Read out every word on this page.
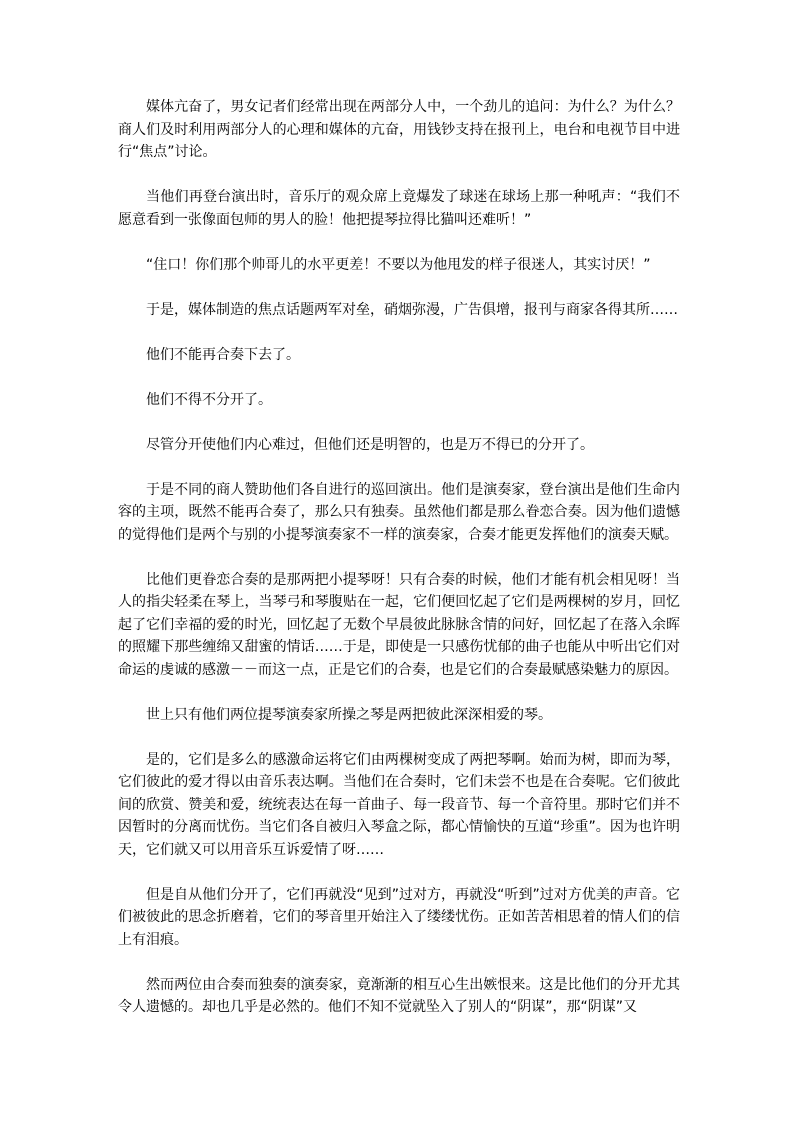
媒体亢奋了，男女记者们经常出现在两部分人中，一个劲儿的追问：为什么？为什么？商人们及时利用两部分人的心理和媒体的亢奋，用钱钞支持在报刊上，电台和电视节目中进行“焦点”讨论。

当他们再登台演出时，音乐厅的观众席上竟爆发了球迷在球场上那一种吼声：“我们不愿意看到一张像面包师的男人的脸！他把提琴拉得比猫叫还难听！”

“住口！你们那个帅哥儿的水平更差！不要以为他甩发的样子很迷人，其实讨厌！”

于是，媒体制造的焦点话题两军对垒，硝烟弥漫，广告俱增，报刊与商家各得其所……

他们不能再合奏下去了。

他们不得不分开了。

尽管分开使他们内心难过，但他们还是明智的，也是万不得已的分开了。

于是不同的商人赞助他们各自进行的巡回演出。他们是演奏家，登台演出是他们生命内容的主项，既然不能再合奏了，那么只有独奏。虽然他们都是那么眷恋合奏。因为他们遗憾的觉得他们是两个与别的小提琴演奏家不一样的演奏家，合奏才能更发挥他们的演奏天赋。

比他们更眷恋合奏的是那两把小提琴呀！只有合奏的时候，他们才能有机会相见呀！当人的指尖轻柔在琴上，当琴弓和琴腹贴在一起，它们便回忆起了它们是两棵树的岁月，回忆起了它们幸福的爱的时光，回忆起了无数个早晨彼此脉脉含情的问好，回忆起了在落入余晖的照耀下那些缠绵又甜蜜的情话……于是，即使是一只感伤忧郁的曲子也能从中听出它们对命运的虔诚的感激－－而这一点，正是它们的合奏，也是它们的合奏最赋感染魅力的原因。

世上只有他们两位提琴演奏家所操之琴是两把彼此深深相爱的琴。

是的，它们是多么的感激命运将它们由两棵树变成了两把琴啊。始而为树，即而为琴，它们彼此的爱才得以由音乐表达啊。当他们在合奏时，它们未尝不也是在合奏呢。它们彼此间的欣赏、赞美和爱，统统表达在每一首曲子、每一段音节、每一个音符里。那时它们并不因暂时的分离而忧伤。当它们各自被归入琴盒之际，都心情愉快的互道“珍重”。因为也许明天，它们就又可以用音乐互诉爱情了呀……

但是自从他们分开了，它们再就没“见到”过对方，再就没“听到”过对方优美的声音。它们被彼此的思念折磨着，它们的琴音里开始注入了缕缕忧伤。正如苦苦相思着的情人们的信上有泪痕。

然而两位由合奏而独奏的演奏家，竟渐渐的相互心生出嫉恨来。这是比他们的分开尤其令人遗憾的。却也几乎是必然的。他们不知不觉就坠入了别人的“阴谋”，那“阴谋”又
